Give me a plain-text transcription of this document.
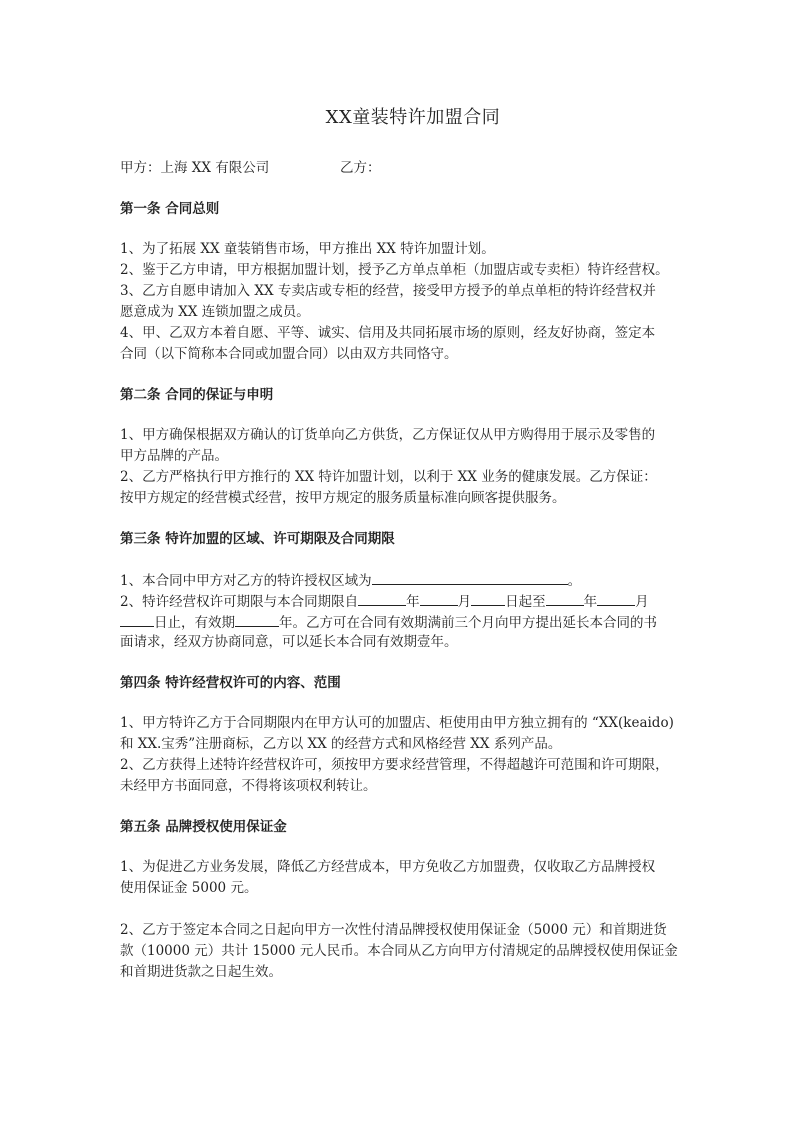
XX童装特许加盟合同
甲方：上海 XX 有限公司	乙方：
第一条 合同总则
1、为了拓展 XX 童装销售市场，甲方推出 XX 特许加盟计划。
2、鉴于乙方申请，甲方根据加盟计划，授予乙方单点单柜（加盟店或专卖柜）特许经营权。
3、乙方自愿申请加入 XX 专卖店或专柜的经营，接受甲方授予的单点单柜的特许经营权并
愿意成为 XX 连锁加盟之成员。
4、甲、乙双方本着自愿、平等、诚实、信用及共同拓展市场的原则，经友好协商，签定本
合同（以下简称本合同或加盟合同）以由双方共同恪守。
第二条 合同的保证与申明
1、甲方确保根据双方确认的订货单向乙方供货，乙方保证仅从甲方购得用于展示及零售的
甲方品牌的产品。
2、乙方严格执行甲方推行的 XX 特许加盟计划，以利于 XX 业务的健康发展。乙方保证：
按甲方规定的经营模式经营，按甲方规定的服务质量标准向顾客提供服务。
第三条 特许加盟的区域、许可期限及合同期限
1、本合同中甲方对乙方的特许授权区域为	。
2、特许经营权许可期限与本合同期限自	年	月	日起至	年	月
日止，有效期	年。乙方可在合同有效期满前三个月向甲方提出延长本合同的书
面请求，经双方协商同意，可以延长本合同有效期壹年。
第四条 特许经营权许可的内容、范围
1、甲方特许乙方于合同期限内在甲方认可的加盟店、柜使用由甲方独立拥有的 “XX(keaido)
和 XX.宝秀”注册商标，乙方以 XX 的经营方式和风格经营 XX 系列产品。
2、乙方获得上述特许经营权许可，须按甲方要求经营管理，不得超越许可范围和许可期限，
未经甲方书面同意，不得将该项权利转让。
第五条 品牌授权使用保证金
1、为促进乙方业务发展，降低乙方经营成本，甲方免收乙方加盟费，仅收取乙方品牌授权
使用保证金 5000 元。
2、乙方于签定本合同之日起向甲方一次性付清品牌授权使用保证金（5000 元）和首期进货
款（10000 元）共计 15000 元人民币。本合同从乙方向甲方付清规定的品牌授权使用保证金
和首期进货款之日起生效。
